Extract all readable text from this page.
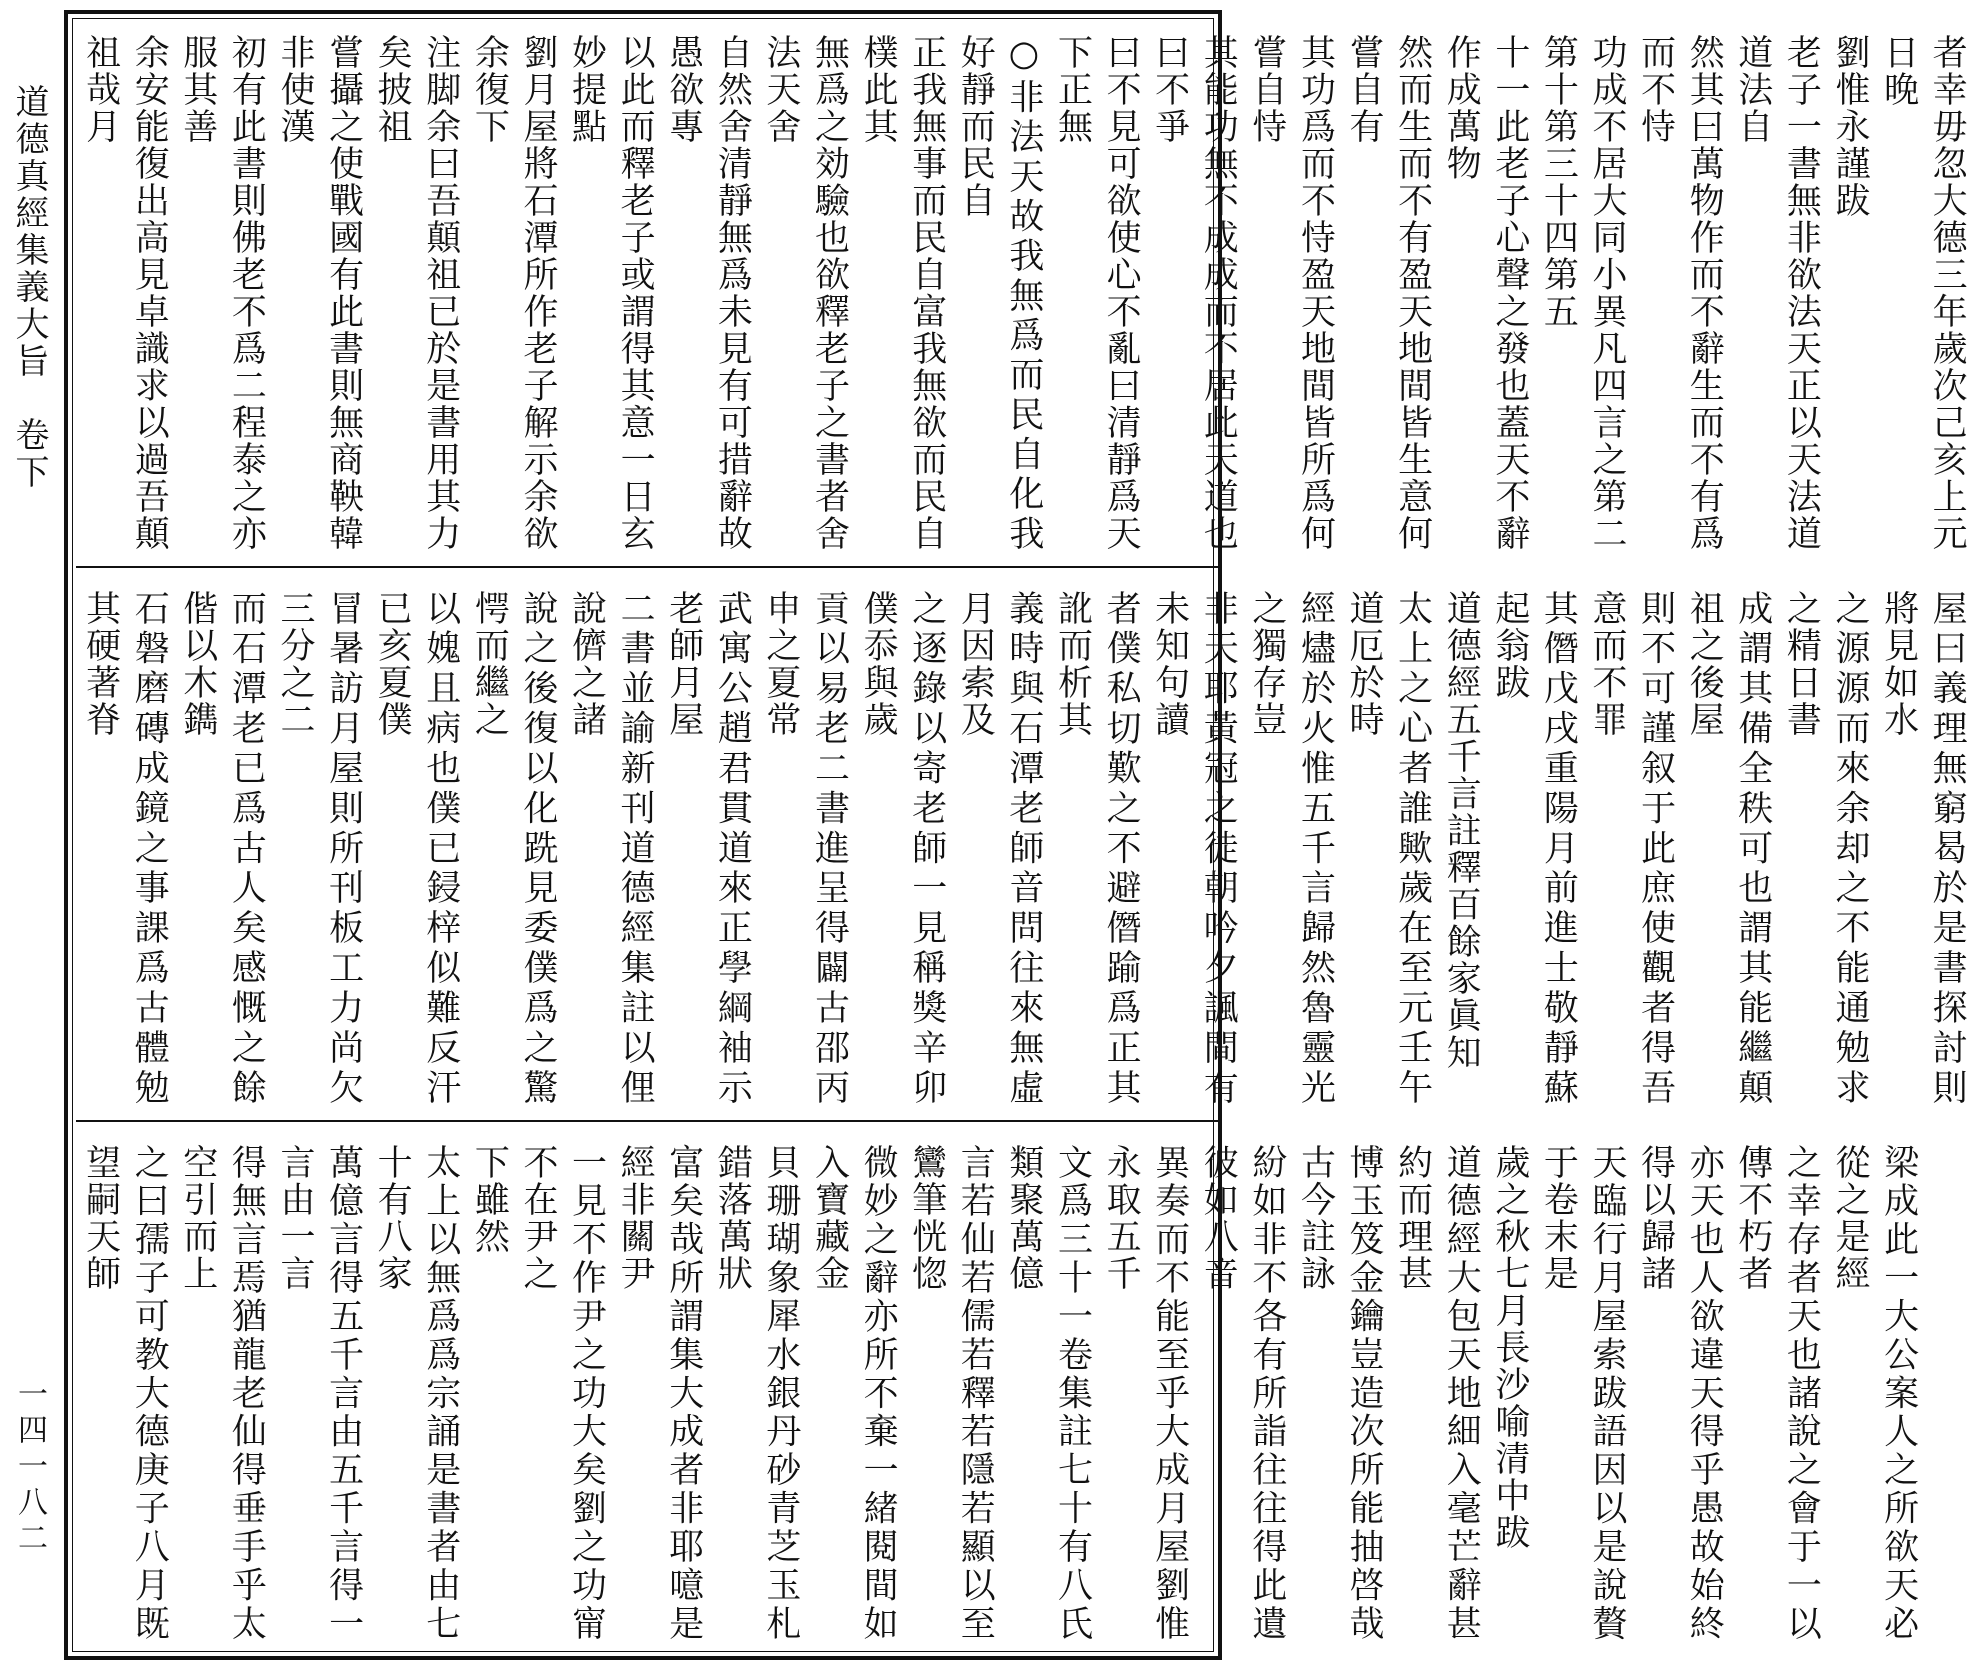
道德真經集義大旨　卷下
一四一八二
者幸毋忽大德三年歲次己亥上元日晚
劉惟永謹跋
老子一書無非欲法天正以天法道道法自
然其曰萬物作而不辭生而不有爲而不恃
功成不居大同小異凡四言之第二第十第三十四第五
十一此老子心聲之發也蓋天不辭作成萬物
然而生而不有盈天地間皆生意何嘗自有
其功爲而不恃盈天地間皆所爲何嘗自恃
其能功無不成成而不居此天道也曰不爭
曰不見可欲使心不亂曰清靜爲天下正無
○非法天故我無爲而民自化我好靜而民自
正我無事而民自富我無欲而民自樸此其
無爲之効驗也欲釋老子之書者舍法天舍
自然舍清靜無爲未見有可措辭故愚欲專
以此而釋老子或謂得其意一日玄妙提點
劉月屋將石潭所作老子解示余欲余復下
注脚余曰吾顛祖已於是書用其力矣披祖
嘗攝之使戰國有此書則無商鞅韓非使漢
初有此書則佛老不爲二程泰之亦服其善
余安能復出高見卓識求以過吾顛祖哉月
屋曰義理無窮曷於是書探討則將見如水
之源源而來余却之不能通勉求之精日書
成謂其備全秩可也謂其能繼顛祖之後屋
則不可謹叙于此庶使觀者得吾意而不罪
其僭戊戌重陽月前進士敬靜蘇起翁跋
道德經五千言註釋百餘家眞知
太上之心者誰歟歲在至元壬午道厄於時
經燼於火惟五千言歸然魯靈光之獨存豈
非天耶黃冠之徒朝吟夕諷間有未知句讀
者僕私切歎之不避僭踰爲正其訛而析其
義時與石潭老師音問往來無虛月因索及
之逐錄以寄老師一見稱獎辛卯僕忝與歲
貢以易老二書進呈得闢古邵丙申之夏常
武寓公趙君貫道來正學綱袖示老師月屋
二書並諭新刊道德經集註以俚說儕之諸
說之後復以化跣見委僕爲之驚愕而繼之
以媿且病也僕已鋟梓似難反汗已亥夏僕
冒暑訪月屋則所刊板工力尚欠三分之二
而石潭老已爲古人矣感慨之餘偕以木鐫
石磐磨磚成鏡之事課爲古體勉其硬著脊
梁成此一大公案人之所欲天必從之是經
之幸存者天也諸說之會于一以傳不朽者
亦天也人欲違天得乎愚故始終得以歸諸
天臨行月屋索跋語因以是說贅于卷末是
歲之秋七月長沙喻清中跋
道德經大包天地細入毫芒辭甚約而理甚
博玉笈金鑰豈造次所能抽啓哉古今註詠
紛如非不各有所詣往往得此遺彼如八音
異奏而不能至乎大成月屋劉惟永取五千
文爲三十一卷集註七十有八氏類聚萬億
言若仙若儒若釋若隱若顯以至鸞筆恍惚
微妙之辭亦所不棄一緒閱間如入寶藏金
貝珊瑚象犀水銀丹砂青芝玉札錯落萬狀
富矣哉所謂集大成者非耶噫是經非關尹
一見不作尹之功大矣劉之功甯不在尹之
下雖然
太上以無爲爲宗誦是書者由七十有八家
萬億言得五千言由五千言得一言由一言
得無言焉猶龍老仙得垂手乎太空引而上
之曰孺子可教大德庚子八月既望嗣天師
